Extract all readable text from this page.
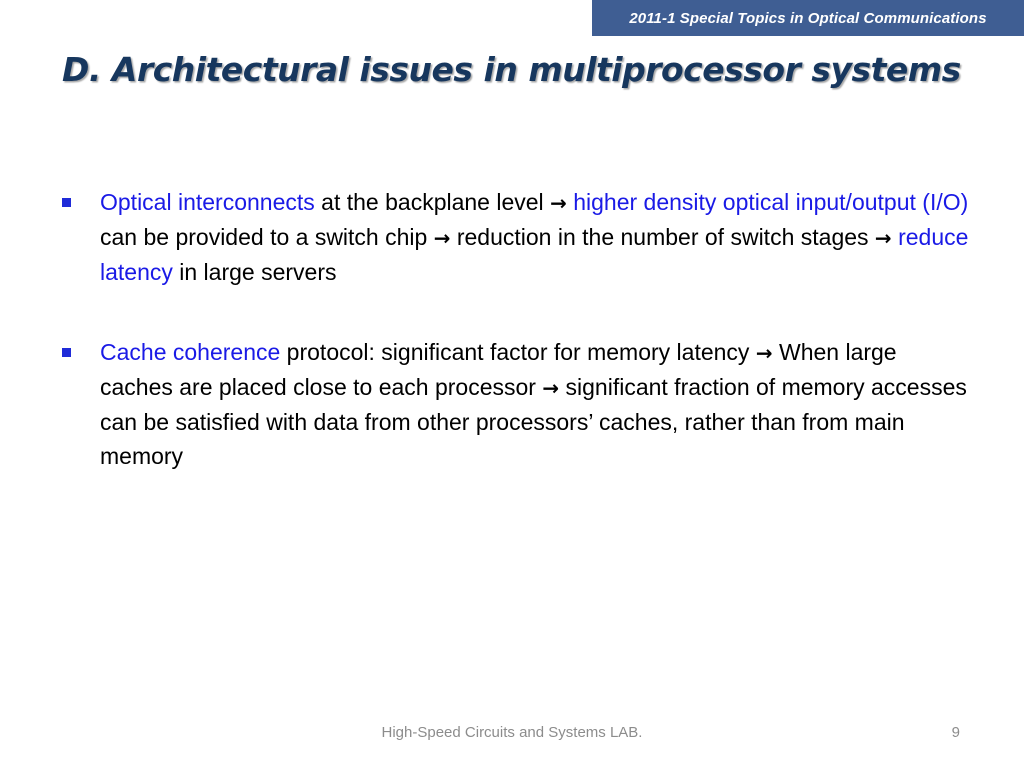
2011-1 Special Topics in Optical Communications
D. Architectural issues in multiprocessor systems
Optical interconnects at the backplane level → higher density optical input/output (I/O) can be provided to a switch chip → reduction in the number of switch stages → reduce latency in large servers
Cache coherence protocol: significant factor for memory latency → When large caches are placed close to each processor → significant fraction of memory accesses can be satisfied with data from other processors’ caches, rather than from main memory
High-Speed Circuits and Systems LAB.	9
